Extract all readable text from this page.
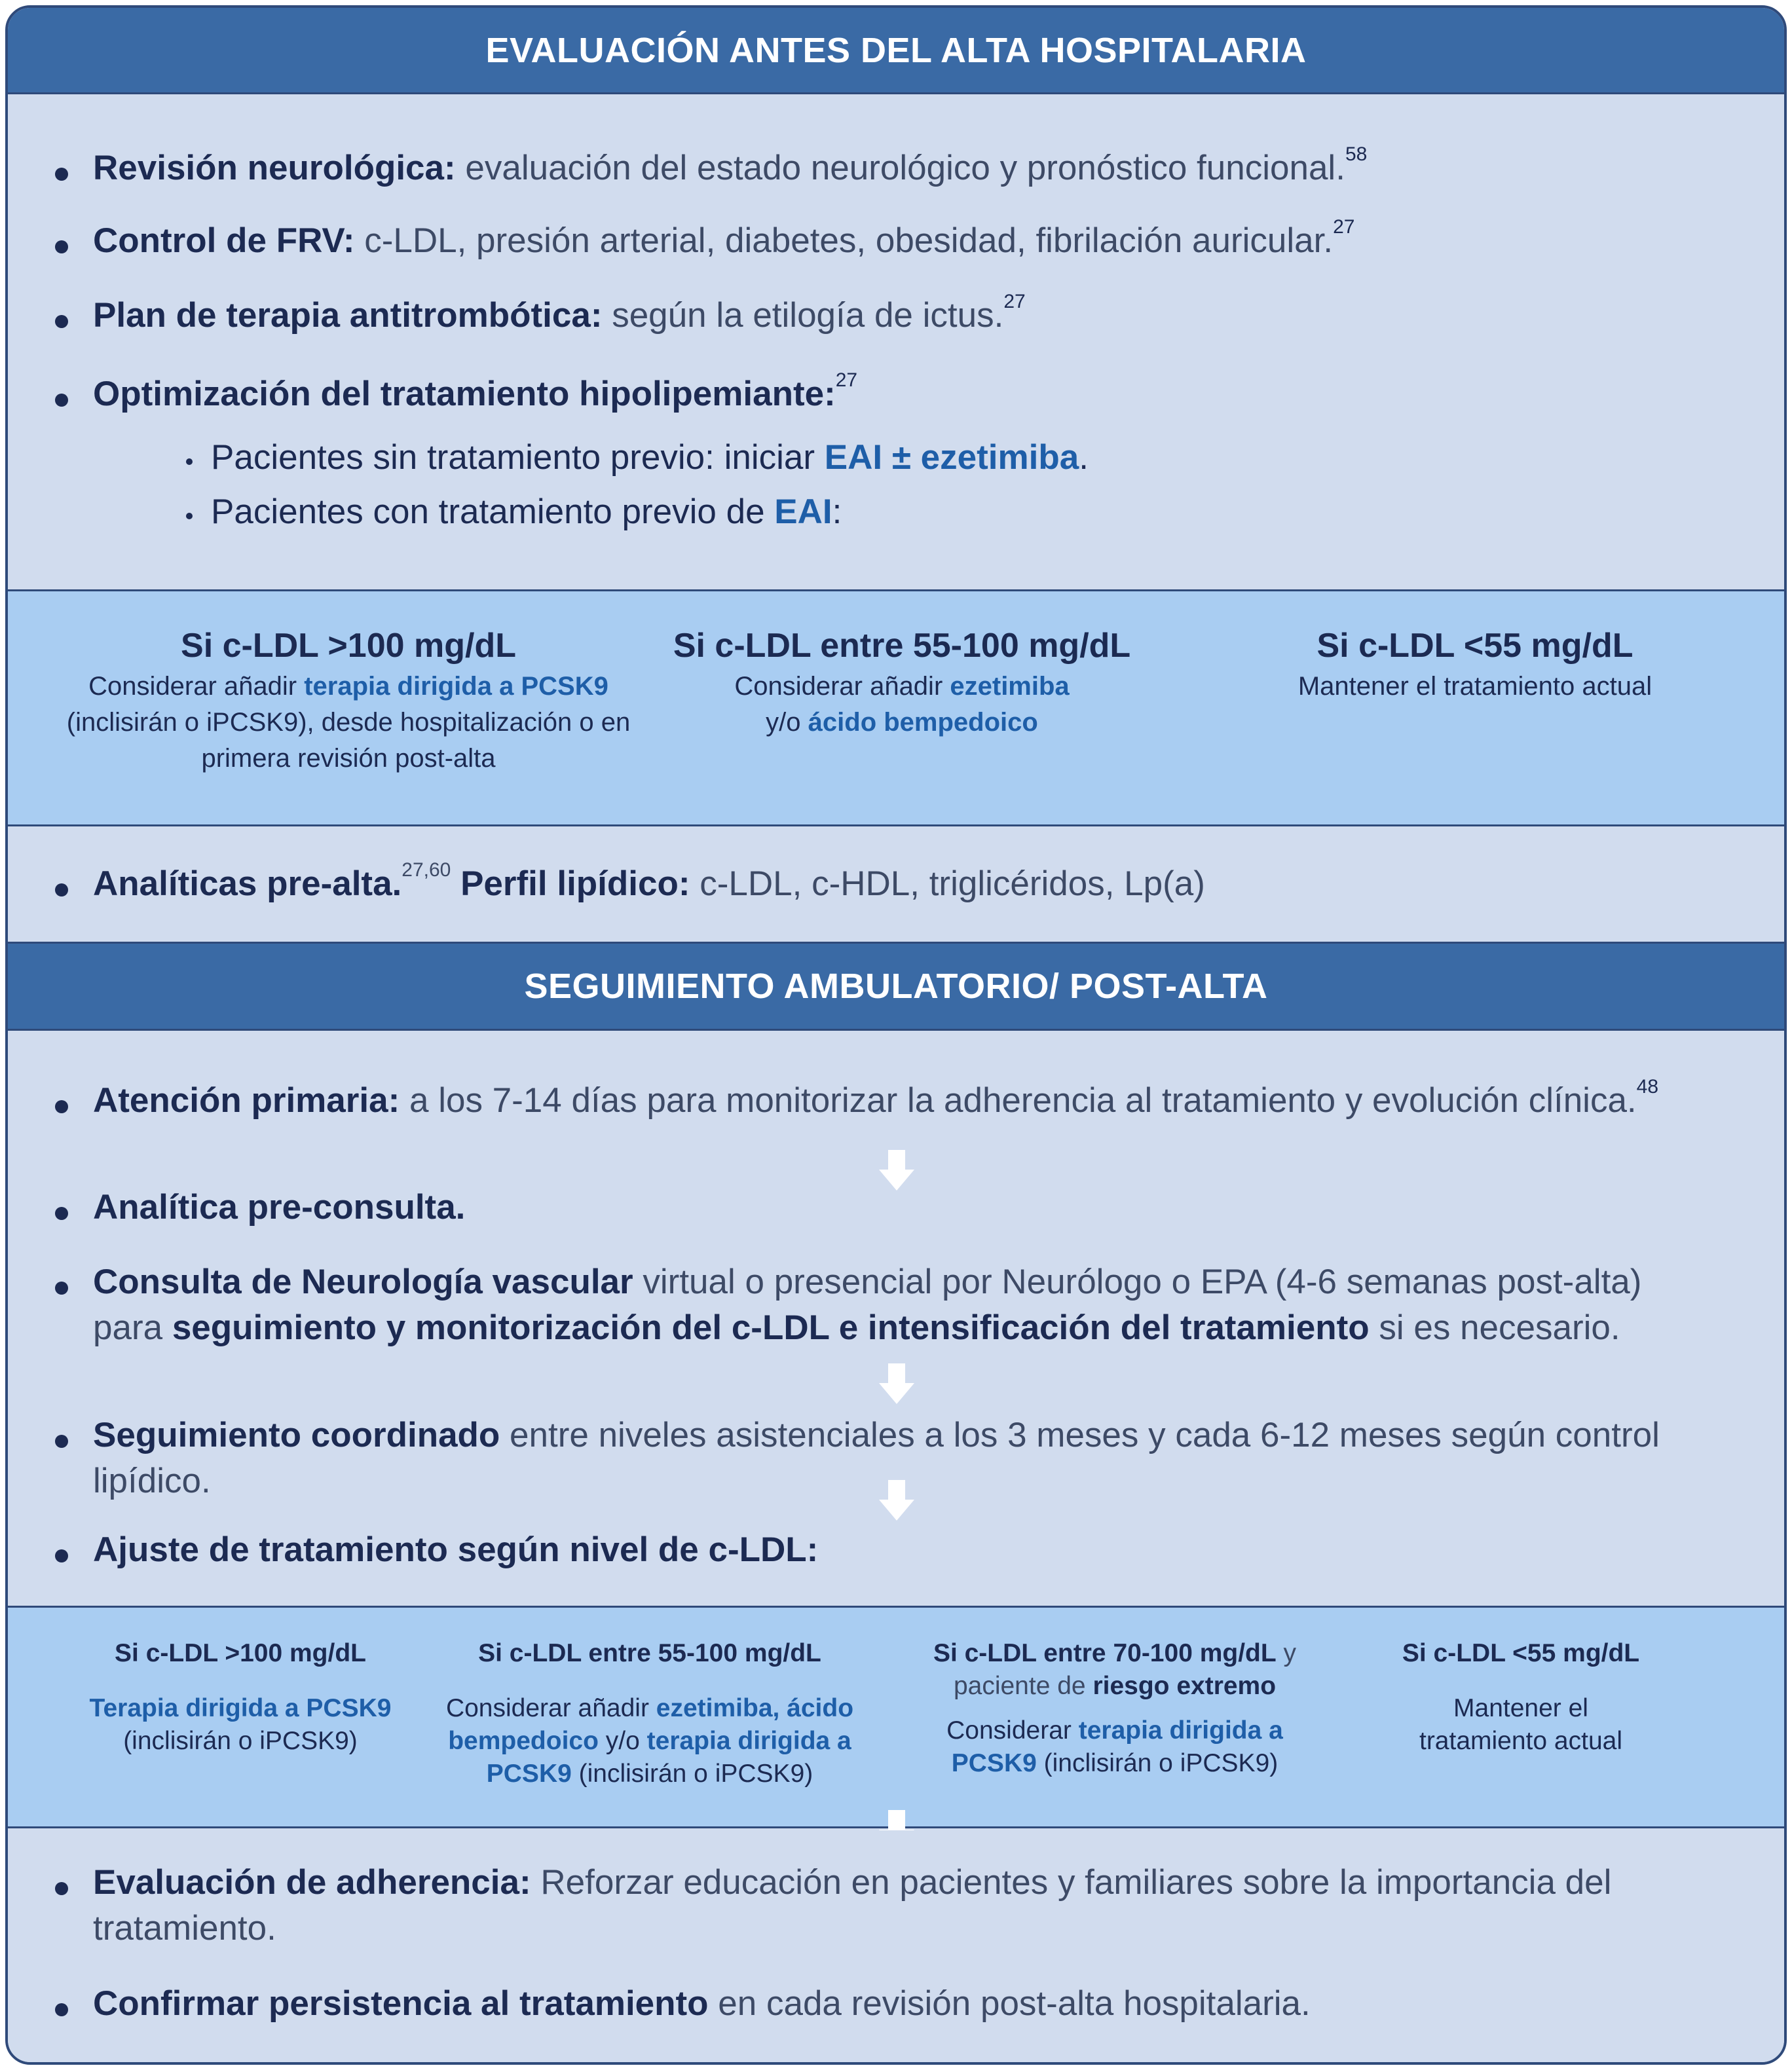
EVALUACIÓN ANTES DEL ALTA HOSPITALARIA
Revisión neurológica: evaluación del estado neurológico y pronóstico funcional.$^{58}$
Control de FRV: c-LDL, presión arterial, diabetes, obesidad, fibrilación auricular.$^{27}$
Plan de terapia antitrombótica: según la etilogía de ictus.$^{27}$
Optimización del tratamiento hipolipemiante:$^{27}$
Pacientes sin tratamiento previo: iniciar EAI ± ezetimiba.
Pacientes con tratamiento previo de EAI:
Si c-LDL >100 mg/dL
Considerar añadir terapia dirigida a PCSK9 (inclisirán o iPCSK9), desde hospitalización o en primera revisión post-alta
Si c-LDL entre 55-100 mg/dL
Considerar añadir ezetimiba y/o ácido bempedoico
Si c-LDL <55 mg/dL
Mantener el tratamiento actual
Analíticas pre-alta.$^{27,60}$ Perfil lipídico: c-LDL, c-HDL, triglicéridos, Lp(a)
SEGUIMIENTO AMBULATORIO/ POST-ALTA
Atención primaria: a los 7-14 días para monitorizar la adherencia al tratamiento y evolución clínica.$^{48}$
Analítica pre-consulta.
Consulta de Neurología vascular virtual o presencial por Neurólogo o EPA (4-6 semanas post-alta) para seguimiento y monitorización del c-LDL e intensificación del tratamiento si es necesario.
Seguimiento coordinado entre niveles asistenciales a los 3 meses y cada 6-12 meses según control lipídico.
Ajuste de tratamiento según nivel de c-LDL:
Si c-LDL >100 mg/dL
Terapia dirigida a PCSK9
(inclisirán o iPCSK9)
Si c-LDL entre 55-100 mg/dL
Considerar añadir ezetimiba, ácido bempedoico y/o terapia dirigida a PCSK9 (inclisirán o iPCSK9)
Si c-LDL entre 70-100 mg/dL y paciente de riesgo extremo
Considerar terapia dirigida a PCSK9 (inclisirán o iPCSK9)
Si c-LDL <55 mg/dL
Mantener el tratamiento actual
Evaluación de adherencia: Reforzar educación en pacientes y familiares sobre la importancia del tratamiento.
Confirmar persistencia al tratamiento en cada revisión post-alta hospitalaria.
